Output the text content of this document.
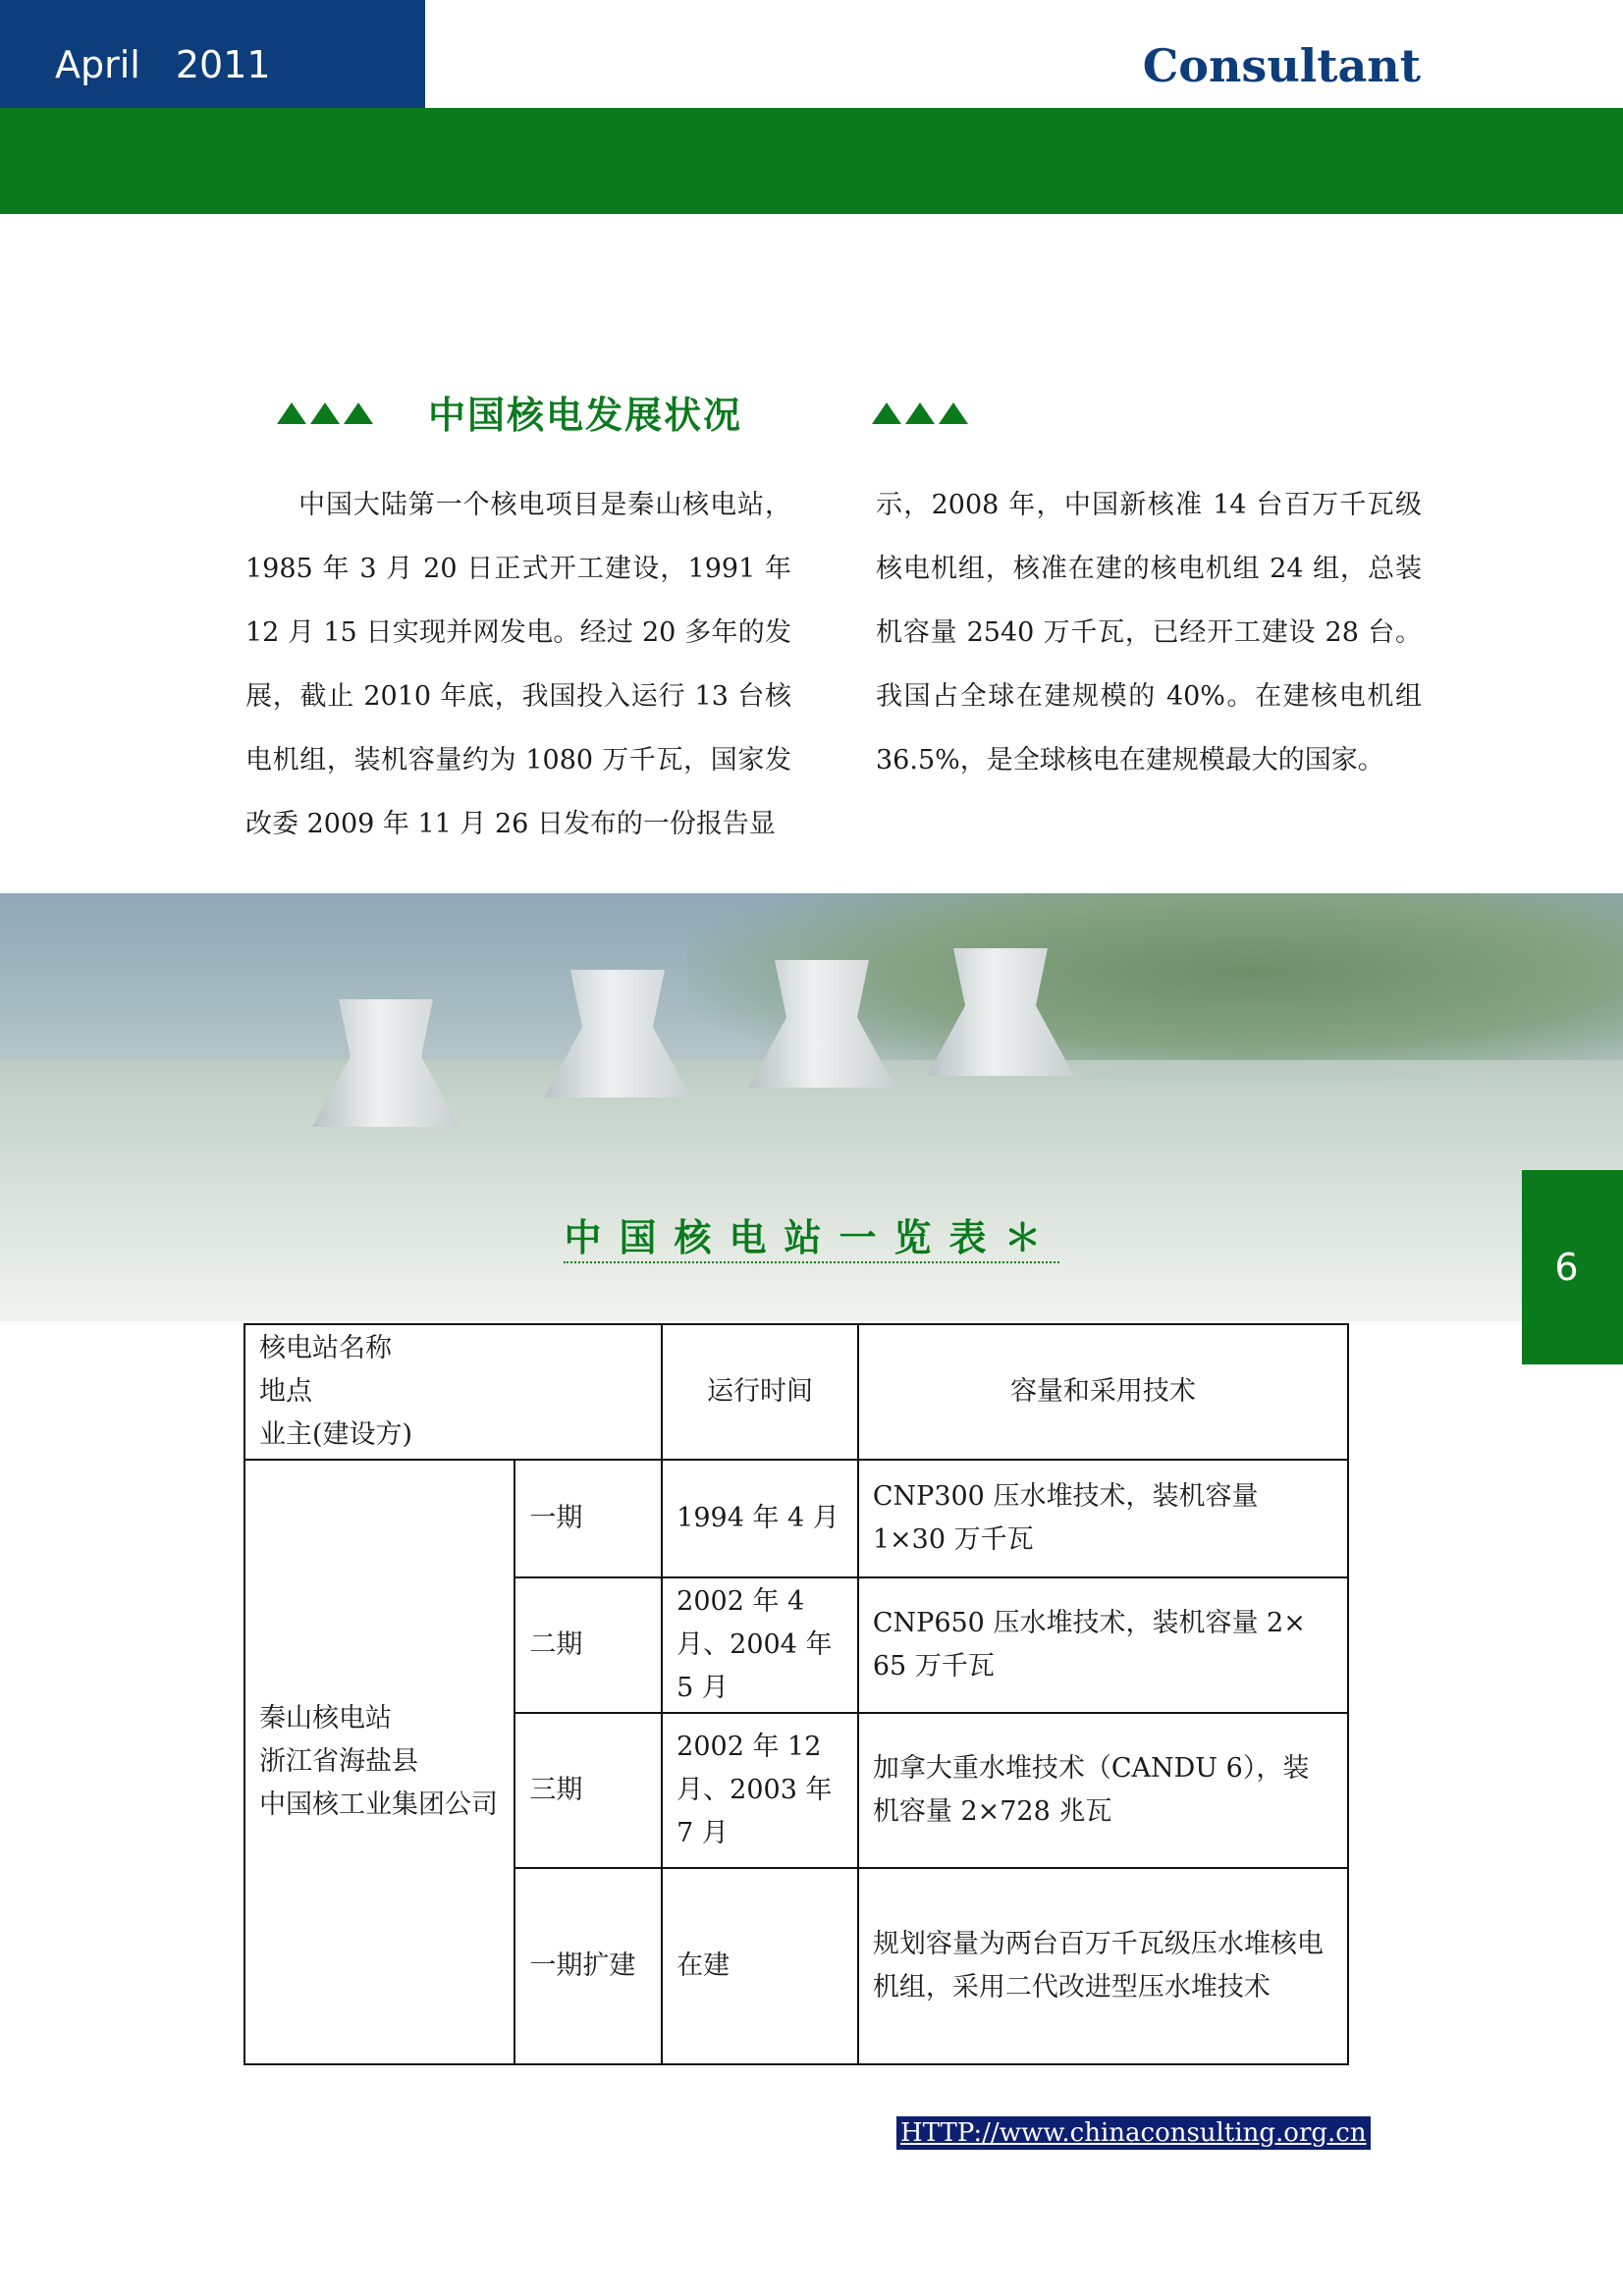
April 2011	Consultant
中国核电发展状况
中国大陆第一个核电项目是秦山核电站，1985 年 3 月 20 日正式开工建设，1991 年 12 月 15 日实现并网发电。经过 20 多年的发展，截止 2010 年底，我国投入运行 13 台核电机组，装机容量约为 1080 万千瓦，国家发改委 2009 年 11 月 26 日发布的一份报告显
示，2008 年，中国新核准 14 台百万千瓦级核电机组，核准在建的核电机组 24 组，总装机容量 2540 万千瓦，已经开工建设 28 台。我国占全球在建规模的 40%。在建核电机组 36.5%，是全球核电在建规模最大的国家。
中国核电站一览表＊
6
核电站名称
地点
业主(建设方)		运行时间	容量和采用技术

秦山核电站
浙江省海盐县
中国核工业集团公司	一期	1994 年 4 月	CNP300 压水堆技术，装机容量 1×30 万千瓦
	二期	2002 年 4 月、2004 年 5 月	CNP650 压水堆技术，装机容量 2× 65 万千瓦
	三期	2002 年 12 月、2003 年 7 月	加拿大重水堆技术（CANDU 6），装机容量 2×728 兆瓦
	一期扩建	在建	规划容量为两台百万千瓦级压水堆核电机组，采用二代改进型压水堆技术
HTTP://www.chinaconsulting.org.cn
